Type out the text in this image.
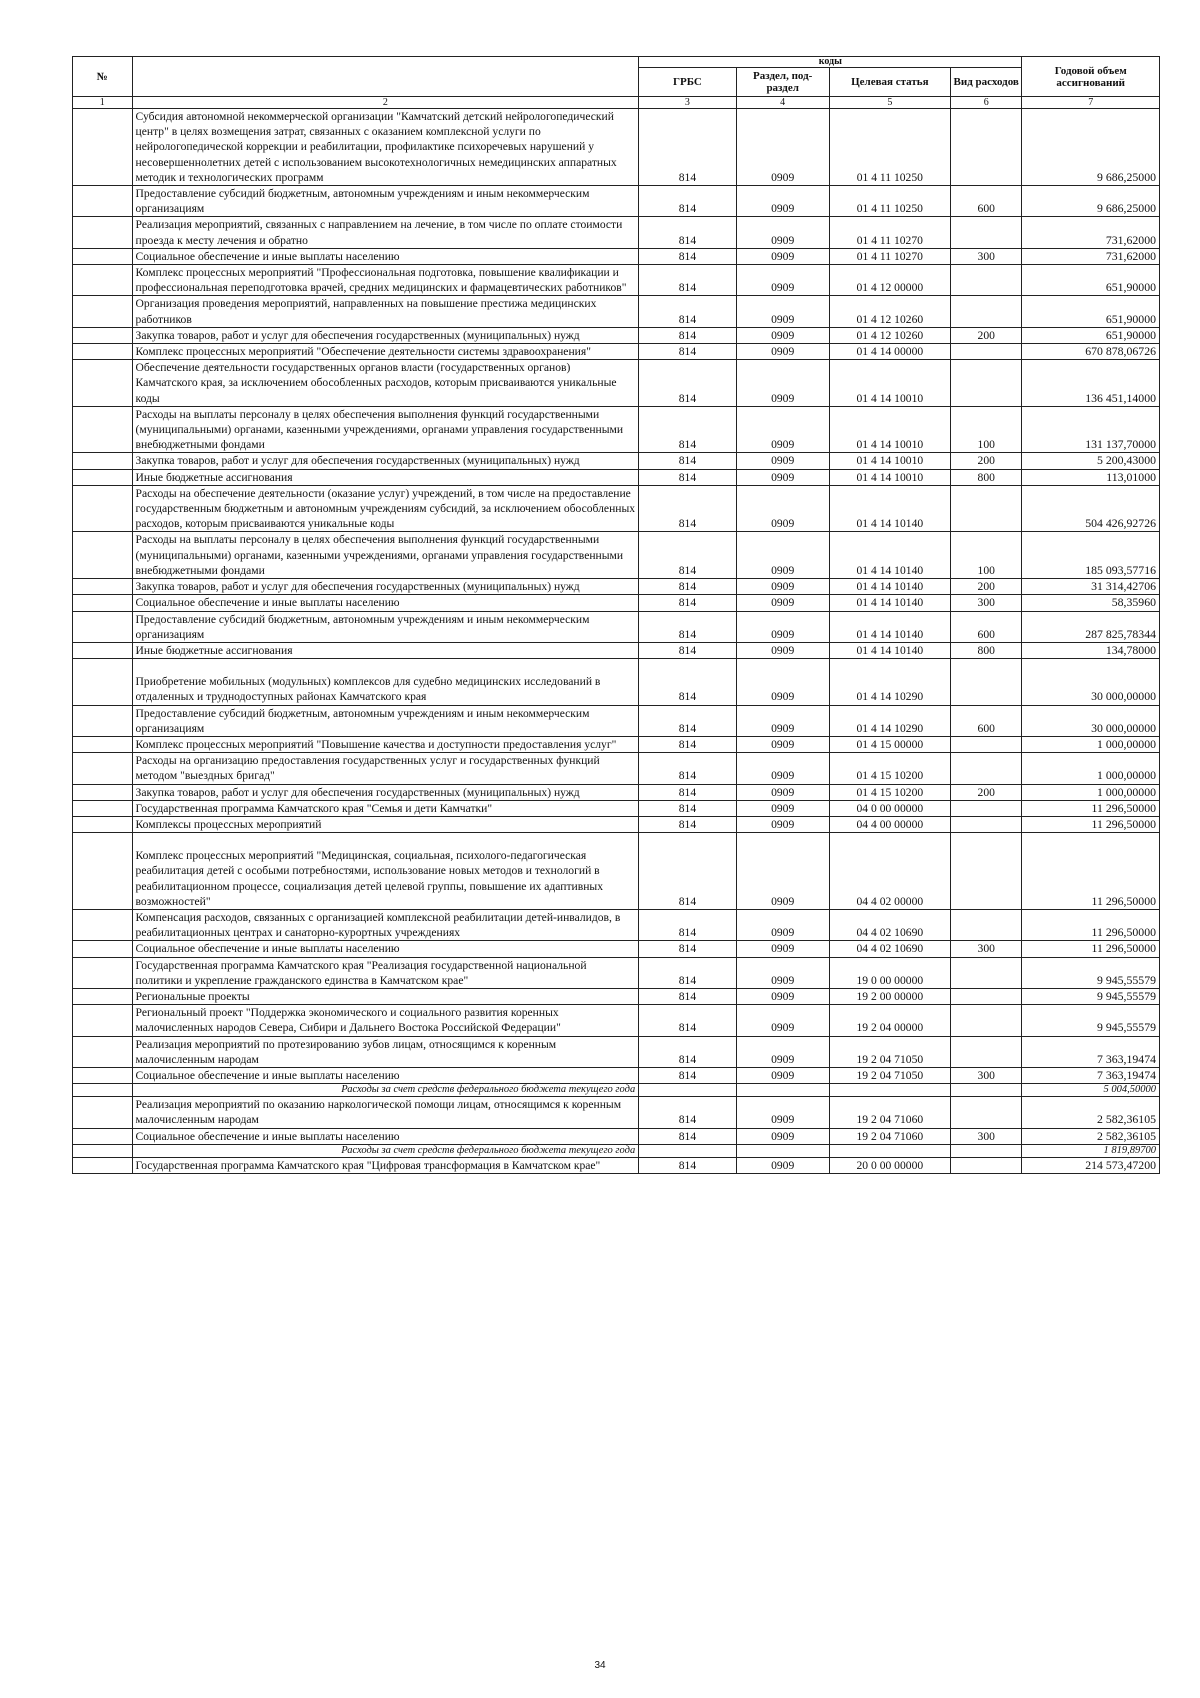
№		коды				Годовой объем ассигнований
		ГРБС	Раздел, под-раздел	Целевая статья	Вид расходов	
1	2	3	4	5	6	7
	Субсидия автономной некоммерческой организации "Камчатский детский нейрологопедический центр" в целях возмещения затрат, связанных с оказанием комплексной услуги по нейрологопедической коррекции и реабилитации, профилактике психоречевых нарушений у несовершеннолетних детей с использованием высокотехнологичных немедицинских аппаратных методик и технологических программ	814	0909	01 4 11 10250		9 686,25000
	Предоставление субсидий бюджетным, автономным учреждениям и иным некоммерческим организациям	814	0909	01 4 11 10250	600	9 686,25000
	Реализация мероприятий, связанных с направлением на лечение, в том числе по оплате стоимости проезда к месту лечения и обратно	814	0909	01 4 11 10270		731,62000
	Социальное обеспечение и иные выплаты населению	814	0909	01 4 11 10270	300	731,62000
	Комплекс процессных мероприятий "Профессиональная подготовка, повышение квалификации и профессиональная переподготовка врачей, средних медицинских и фармацевтических работников"	814	0909	01 4 12 00000		651,90000
	Организация проведения мероприятий, направленных на повышение престижа медицинских работников	814	0909	01 4 12 10260		651,90000
	Закупка товаров, работ и услуг для обеспечения государственных (муниципальных) нужд	814	0909	01 4 12 10260	200	651,90000
	Комплекс процессных мероприятий "Обеспечение деятельности системы здравоохранения"	814	0909	01 4 14 00000		670 878,06726
	Обеспечение деятельности государственных органов власти (государственных органов) Камчатского края, за исключением обособленных расходов, которым присваиваются уникальные коды	814	0909	01 4 14 10010		136 451,14000
	Расходы на выплаты персоналу в целях обеспечения выполнения функций государственными (муниципальными) органами, казенными учреждениями, органами управления государственными внебюджетными фондами	814	0909	01 4 14 10010	100	131 137,70000
	Закупка товаров, работ и услуг для обеспечения государственных (муниципальных) нужд	814	0909	01 4 14 10010	200	5 200,43000
	Иные бюджетные ассигнования	814	0909	01 4 14 10010	800	113,01000
	Расходы на обеспечение деятельности (оказание услуг) учреждений, в том числе на предоставление государственным бюджетным и автономным учреждениям субсидий, за исключением обособленных расходов, которым присваиваются уникальные коды	814	0909	01 4 14 10140		504 426,92726
	Расходы на выплаты персоналу в целях обеспечения выполнения функций государственными (муниципальными) органами, казенными учреждениями, органами управления государственными внебюджетными фондами	814	0909	01 4 14 10140	100	185 093,57716
	Закупка товаров, работ и услуг для обеспечения государственных (муниципальных) нужд	814	0909	01 4 14 10140	200	31 314,42706
	Социальное обеспечение и иные выплаты населению	814	0909	01 4 14 10140	300	58,35960
	Предоставление субсидий бюджетным, автономным учреждениям и иным некоммерческим организациям	814	0909	01 4 14 10140	600	287 825,78344
	Иные бюджетные ассигнования	814	0909	01 4 14 10140	800	134,78000
	Приобретение мобильных (модульных) комплексов для судебно медицинских исследований в отдаленных и труднодоступных районах Камчатского края	814	0909	01 4 14 10290		30 000,00000
	Предоставление субсидий бюджетным, автономным учреждениям и иным некоммерческим организациям	814	0909	01 4 14 10290	600	30 000,00000
	Комплекс процессных мероприятий "Повышение качества и доступности предоставления услуг"	814	0909	01 4 15 00000		1 000,00000
	Расходы на организацию предоставления государственных услуг и государственных функций методом "выездных бригад"	814	0909	01 4 15 10200		1 000,00000
	Закупка товаров, работ и услуг для обеспечения государственных (муниципальных) нужд	814	0909	01 4 15 10200	200	1 000,00000
	Государственная программа Камчатского края "Семья и дети Камчатки"	814	0909	04 0 00 00000		11 296,50000
	Комплексы процессных мероприятий	814	0909	04 4 00 00000		11 296,50000
	Комплекс процессных мероприятий "Медицинская, социальная, психолого-педагогическая реабилитация детей с особыми потребностями, использование новых методов и технологий в реабилитационном процессе, социализация детей целевой группы, повышение их адаптивных возможностей"	814	0909	04 4 02 00000		11 296,50000
	Компенсация расходов, связанных с организацией комплексной реабилитации детей-инвалидов, в реабилитационных центрах и санаторно-курортных учреждениях	814	0909	04 4 02 10690		11 296,50000
	Социальное обеспечение и иные выплаты населению	814	0909	04 4 02 10690	300	11 296,50000
	Государственная программа Камчатского края "Реализация государственной национальной политики и укрепление гражданского единства в Камчатском крае"	814	0909	19 0 00 00000		9 945,55579
	Региональные проекты	814	0909	19 2 00 00000		9 945,55579
	Региональный проект "Поддержка экономического и социального развития коренных малочисленных народов Севера, Сибири и Дальнего Востока Российской Федерации"	814	0909	19 2 04 00000		9 945,55579
	Реализация мероприятий по протезированию зубов лицам, относящимся к коренным малочисленным народам	814	0909	19 2 04 71050		7 363,19474
	Социальное обеспечение и иные выплаты населению	814	0909	19 2 04 71050	300	7 363,19474
	Расходы за счет средств федерального бюджета текущего года					5 004,50000
	Реализация мероприятий по оказанию наркологической помощи лицам, относящимся к коренным малочисленным народам	814	0909	19 2 04 71060		2 582,36105
	Социальное обеспечение и иные выплаты населению	814	0909	19 2 04 71060	300	2 582,36105
	Расходы за счет средств федерального бюджета текущего года					1 819,89700
	Государственная программа Камчатского края "Цифровая трансформация в Камчатском крае"	814	0909	20 0 00 00000		214 573,47200
34
